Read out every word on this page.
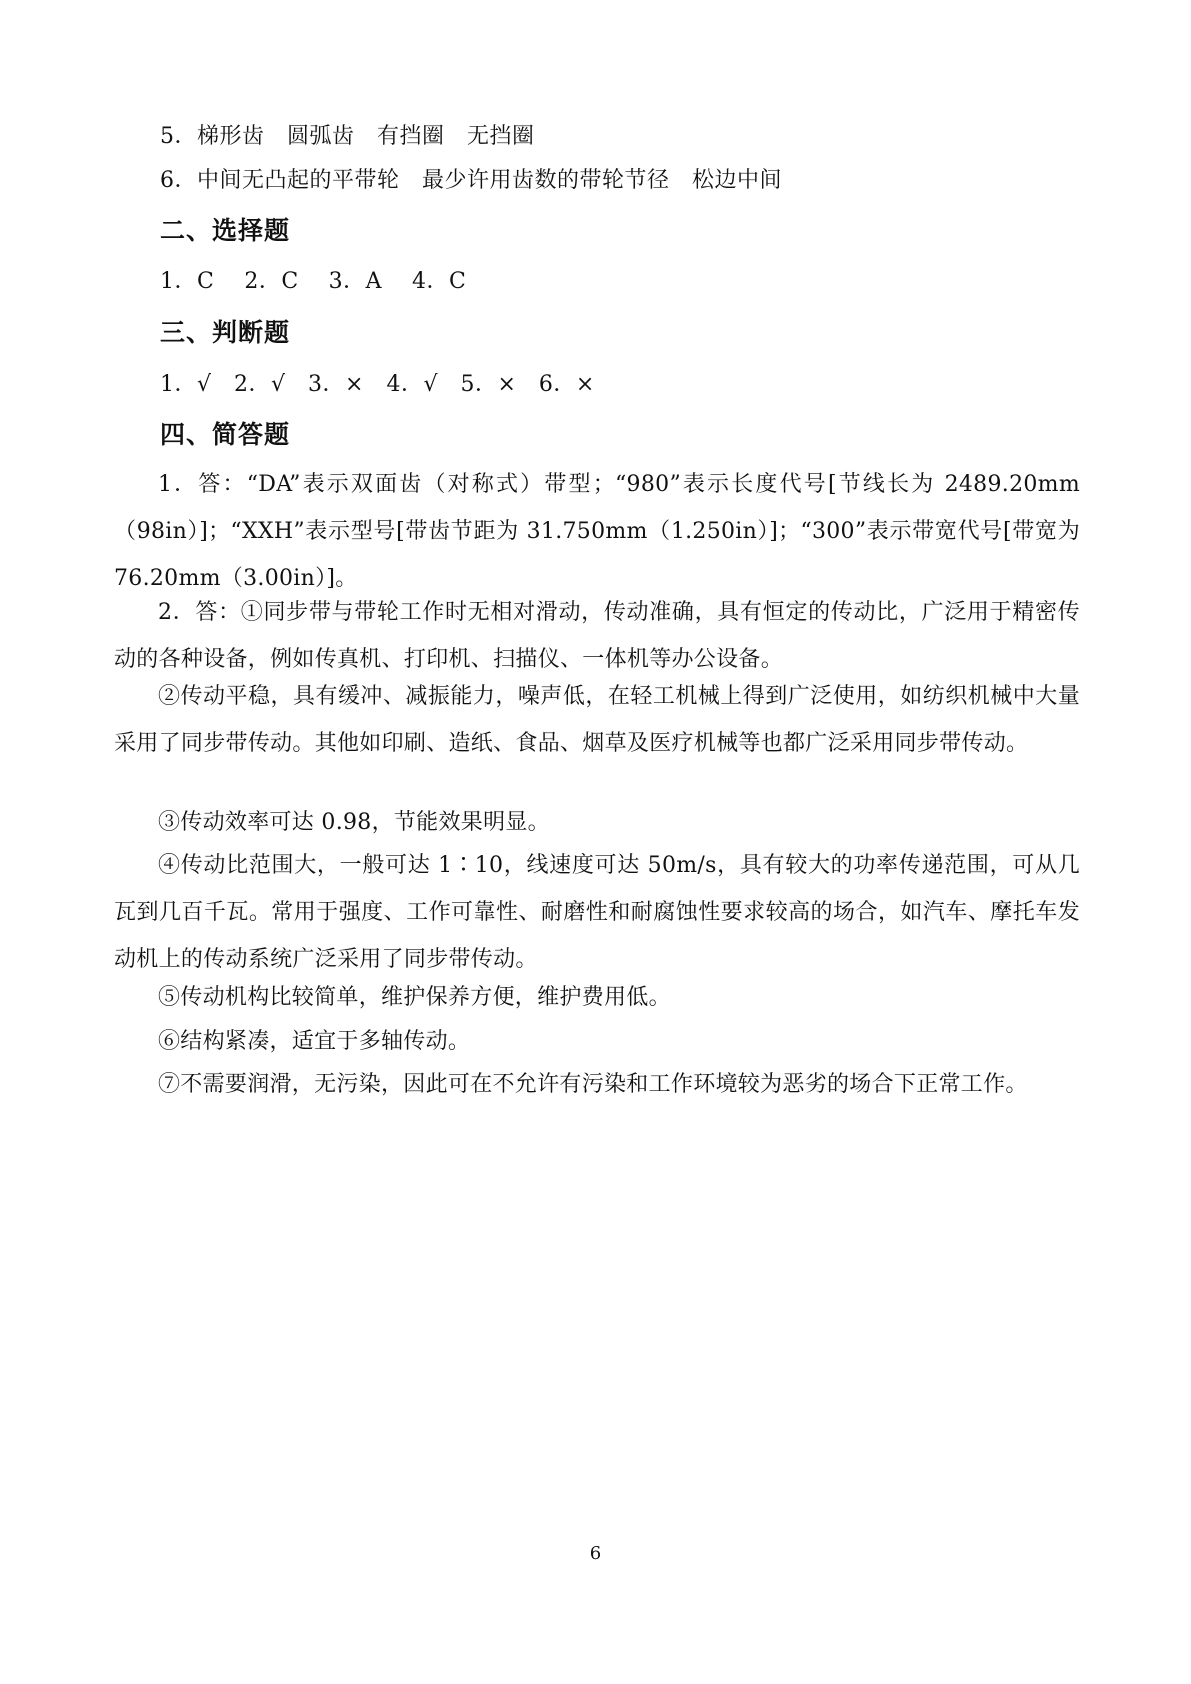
5．梯形齿　圆弧齿　有挡圈　无挡圈
6．中间无凸起的平带轮　最少许用齿数的带轮节径　松边中间
二、选择题
1．C　 2．C　 3．A　 4．C
三、判断题
1．√　2．√　3．×　4．√　5．×　6．×
四、简答题

1．答：“DA”表示双面齿（对称式）带型；“980”表示长度代号[节线长为 2489.20mm（98in）]；“XXH”表示型号[带齿节距为 31.750mm（1.250in）]；“300”表示带宽代号[带宽为 76.20mm（3.00in）]。

2．答：①同步带与带轮工作时无相对滑动，传动准确，具有恒定的传动比，广泛用于精密传动的各种设备，例如传真机、打印机、扫描仪、一体机等办公设备。

②传动平稳，具有缓冲、减振能力，噪声低，在轻工机械上得到广泛使用，如纺织机械中大量采用了同步带传动。其他如印刷、造纸、食品、烟草及医疗机械等也都广泛采用同步带传动。

③传动效率可达 0.98，节能效果明显。

④传动比范围大，一般可达 1∶10，线速度可达 50m/s，具有较大的功率传递范围，可从几瓦到几百千瓦。常用于强度、工作可靠性、耐磨性和耐腐蚀性要求较高的场合，如汽车、摩托车发动机上的传动系统广泛采用了同步带传动。

⑤传动机构比较简单，维护保养方便，维护费用低。

⑥结构紧凑，适宜于多轴传动。

⑦不需要润滑，无污染，因此可在不允许有污染和工作环境较为恶劣的场合下正常工作。

6
